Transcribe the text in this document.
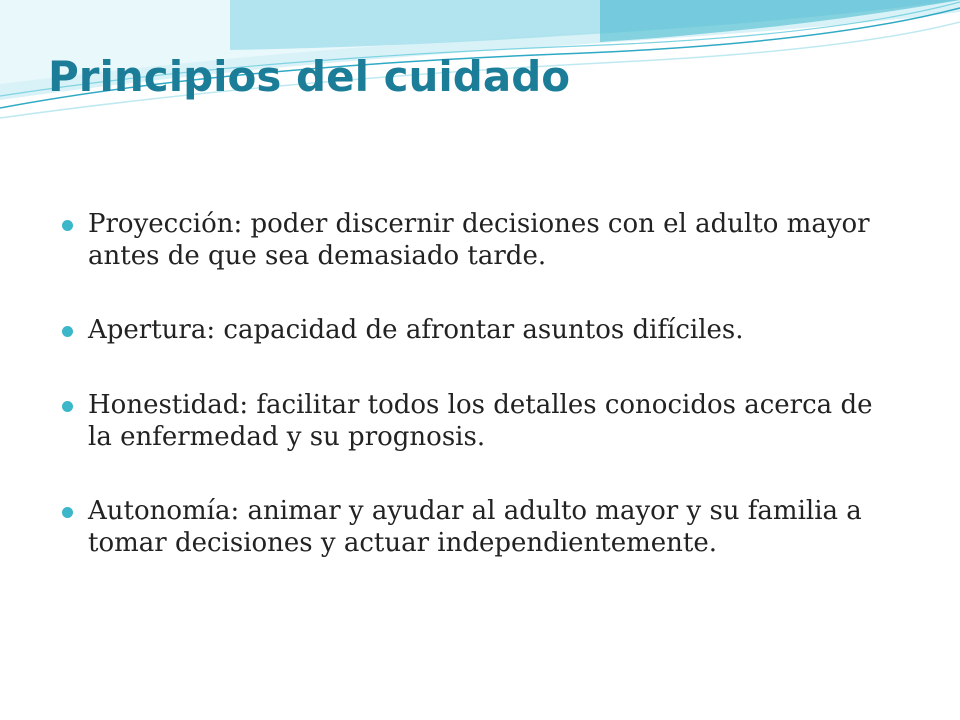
Principios del cuidado
Proyección: poder discernir decisiones con el adulto mayor antes de que sea demasiado tarde.
Apertura: capacidad de afrontar asuntos difíciles.
Honestidad: facilitar todos los detalles conocidos acerca de la enfermedad y su prognosis.
Autonomía: animar y ayudar al adulto mayor y su familia a tomar decisiones y actuar independientemente.
